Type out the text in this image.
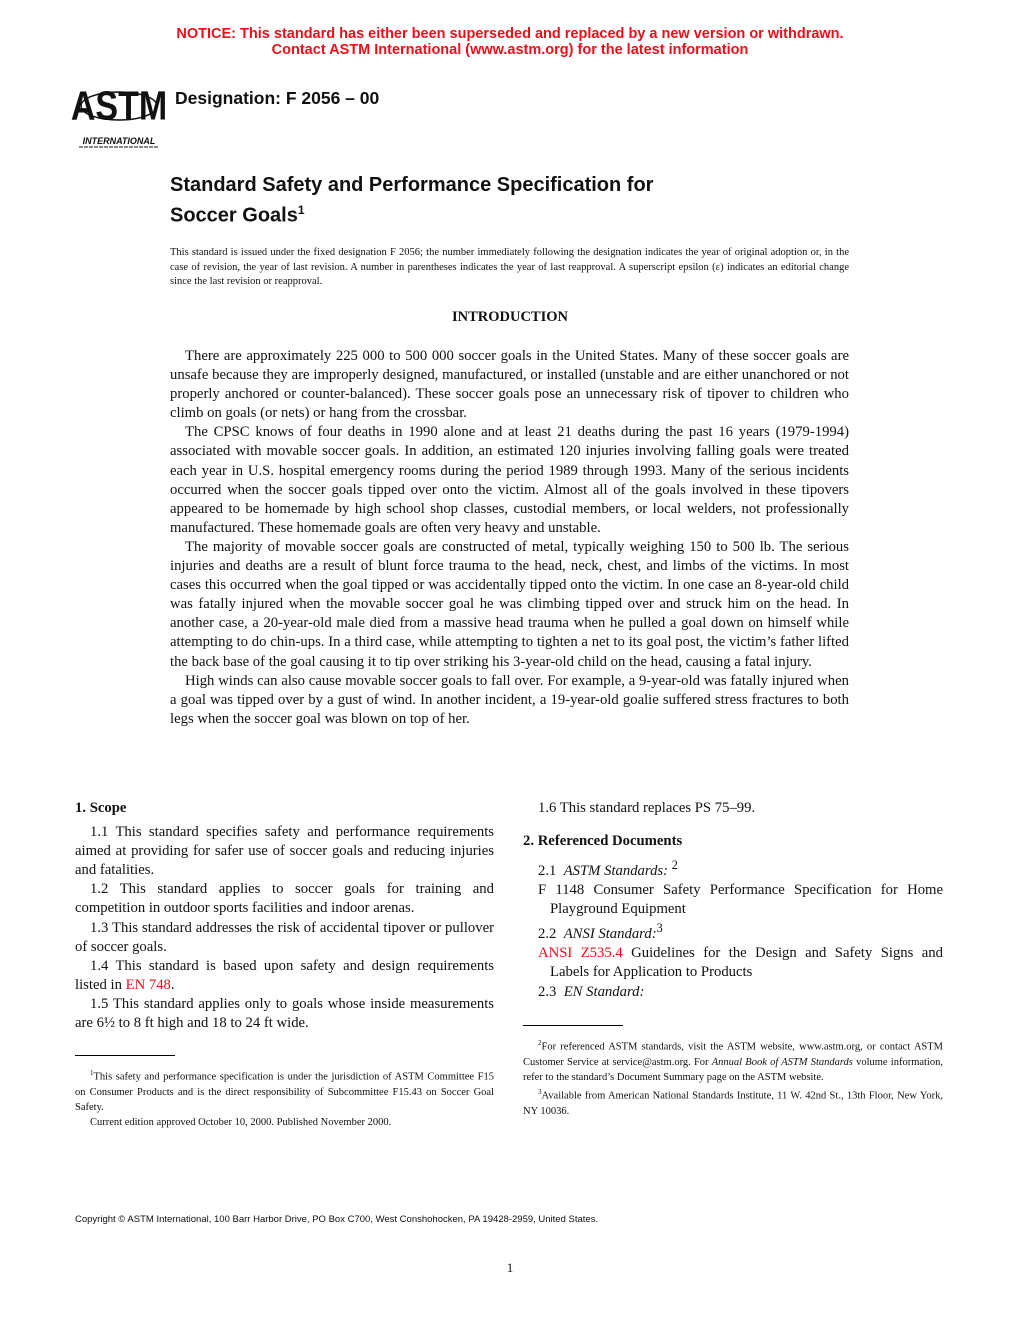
NOTICE: This standard has either been superseded and replaced by a new version or withdrawn.
Contact ASTM International (www.astm.org) for the latest information
ASTM
INTERNATIONAL
Designation: F 2056 – 00
Standard Safety and Performance Specification for
Soccer Goals$^1$
This standard is issued under the fixed designation F 2056; the number immediately following the designation indicates the year of original adoption or, in the case of revision, the year of last revision. A number in parentheses indicates the year of last reapproval. A superscript epsilon (ε) indicates an editorial change since the last revision or reapproval.
INTRODUCTION

There are approximately 225 000 to 500 000 soccer goals in the United States. Many of these soccer goals are unsafe because they are improperly designed, manufactured, or installed (unstable and are either unanchored or not properly anchored or counter-balanced). These soccer goals pose an unnecessary risk of tipover to children who climb on goals (or nets) or hang from the crossbar.

The CPSC knows of four deaths in 1990 alone and at least 21 deaths during the past 16 years (1979-1994) associated with movable soccer goals. In addition, an estimated 120 injuries involving falling goals were treated each year in U.S. hospital emergency rooms during the period 1989 through 1993. Many of the serious incidents occurred when the soccer goals tipped over onto the victim. Almost all of the goals involved in these tipovers appeared to be homemade by high school shop classes, custodial members, or local welders, not professionally manufactured. These homemade goals are often very heavy and unstable.

The majority of movable soccer goals are constructed of metal, typically weighing 150 to 500 lb. The serious injuries and deaths are a result of blunt force trauma to the head, neck, chest, and limbs of the victims. In most cases this occurred when the goal tipped or was accidentally tipped onto the victim. In one case an 8-year-old child was fatally injured when the movable soccer goal he was climbing tipped over and struck him on the head. In another case, a 20-year-old male died from a massive head trauma when he pulled a goal down on himself while attempting to do chin-ups. In a third case, while attempting to tighten a net to its goal post, the victim’s father lifted the back base of the goal causing it to tip over striking his 3-year-old child on the head, causing a fatal injury.

High winds can also cause movable soccer goals to fall over. For example, a 9-year-old was fatally injured when a goal was tipped over by a gust of wind. In another incident, a 19-year-old goalie suffered stress fractures to both legs when the soccer goal was blown on top of her.

1. Scope

1.1 This standard specifies safety and performance requirements aimed at providing for safer use of soccer goals and reducing injuries and fatalities.

1.2 This standard applies to soccer goals for training and competition in outdoor sports facilities and indoor arenas.

1.3 This standard addresses the risk of accidental tipover or pullover of soccer goals.

1.4 This standard is based upon safety and design requirements listed in EN 748.

1.5 This standard applies only to goals whose inside measurements are 6½ to 8 ft high and 18 to 24 ft wide.

1.6 This standard replaces PS 75–99.

2. Referenced Documents

2.1 ASTM Standards: $^2$

F 1148 Consumer Safety Performance Specification for Home Playground Equipment

2.2 ANSI Standard:$^3$

ANSI Z535.4 Guidelines for the Design and Safety Signs and Labels for Application to Products

2.3 EN Standard:

$^1$This safety and performance specification is under the jurisdiction of ASTM Committee F15 on Consumer Products and is the direct responsibility of Subcommittee F15.43 on Soccer Goal Safety.

Current edition approved October 10, 2000. Published November 2000.

$^2$For referenced ASTM standards, visit the ASTM website, www.astm.org, or contact ASTM Customer Service at service@astm.org. For Annual Book of ASTM Standards volume information, refer to the standard’s Document Summary page on the ASTM website.

$^3$Available from American National Standards Institute, 11 W. 42nd St., 13th Floor, New York, NY 10036.

Copyright © ASTM International, 100 Barr Harbor Drive, PO Box C700, West Conshohocken, PA 19428-2959, United States.
1
